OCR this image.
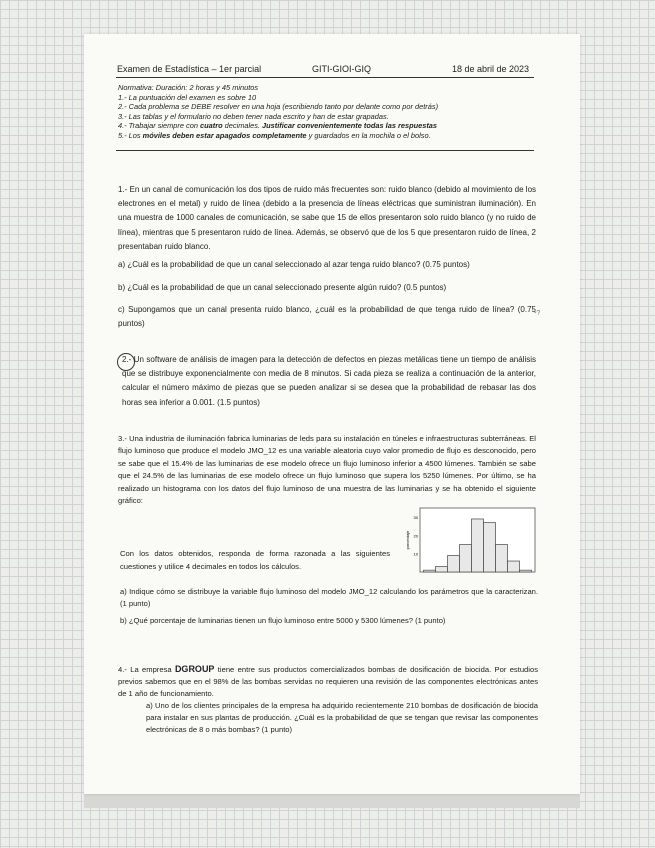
Examen de Estadística – 1er parcial	GITI-GIOI-GIQ	18 de abril de 2023
Normativa: Duración: 2 horas y 45 minutos
1.- La puntuación del examen es sobre 10
2.- Cada problema se DEBE resolver en una hoja (escribiendo tanto por delante como por detrás)
3.- Las tablas y el formulario no deben tener nada escrito y han de estar grapadas.
4.- Trabajar siempre con cuatro decimales. Justificar convenientemente todas las respuestas
5.- Los móviles deben estar apagados completamente y guardados en la mochila o el bolso.

1.- En un canal de comunicación los dos tipos de ruido más frecuentes son: ruido blanco (debido al movimiento de los electrones en el metal) y ruido de línea (debido a la presencia de líneas eléctricas que suministran iluminación). En una muestra de 1000 canales de comunicación, se sabe que 15 de ellos presentaron solo ruido blanco (y no ruido de línea), mientras que 5 presentaron ruido de línea. Además, se observó que de los 5 que presentaron ruido de línea, 2 presentaban ruido blanco.

a) ¿Cuál es la probabilidad de que un canal seleccionado al azar tenga ruido blanco? (0.75 puntos)
b) ¿Cuál es la probabilidad de que un canal seleccionado presente algún ruido? (0.5 puntos)
c) Supongamos que un canal presenta ruido blanco, ¿cuál es la probabilidad de que tenga ruido de línea? (0.75 puntos)
¹?
2.- Un software de análisis de imagen para la detección de defectos en piezas metálicas tiene un tiempo de análisis que se distribuye exponencialmente con media de 8 minutos. Si cada pieza se realiza a continuación de la anterior, calcular el número máximo de piezas que se pueden analizar si se desea que la probabilidad de rebasar las dos horas sea inferior a 0.001. (1.5 puntos)
3.- Una industria de iluminación fabrica luminarias de leds para su instalación en túneles e infraestructuras subterráneas. El flujo luminoso que produce el modelo JMO_12 es una variable aleatoria cuyo valor promedio de flujo es desconocido, pero se sabe que el 15.4% de las luminarias de ese modelo ofrece un flujo luminoso inferior a 4500 lúmenes. También se sabe que el 24.5% de las luminarias de ese modelo ofrece un flujo luminoso que supera los 5250 lúmenes. Por último, se ha realizado un histograma con los datos del flujo luminoso de una muestra de las luminarias y se ha obtenido el siguiente gráfico:
30
20
10
porcentaje
Con los datos obtenidos, responda de forma razonada a las siguientes cuestiones y utilice 4 decimales en todos los cálculos.
a) Indique cómo se distribuye la variable flujo luminoso del modelo JMO_12 calculando los parámetros que la caracterizan. (1 punto)
b) ¿Qué porcentaje de luminarias tienen un flujo luminoso entre 5000 y 5300 lúmenes? (1 punto)
4.- La empresa DGROUP tiene entre sus productos comercializados bombas de dosificación de biocida. Por estudios previos sabemos que en el 98% de las bombas servidas no requieren una revisión de las componentes electrónicas antes de 1 año de funcionamiento.
a) Uno de los clientes principales de la empresa ha adquirido recientemente 210 bombas de dosificación de biocida para instalar en sus plantas de producción. ¿Cuál es la probabilidad de que se tengan que revisar las componentes electrónicas de 8 o más bombas? (1 punto)
